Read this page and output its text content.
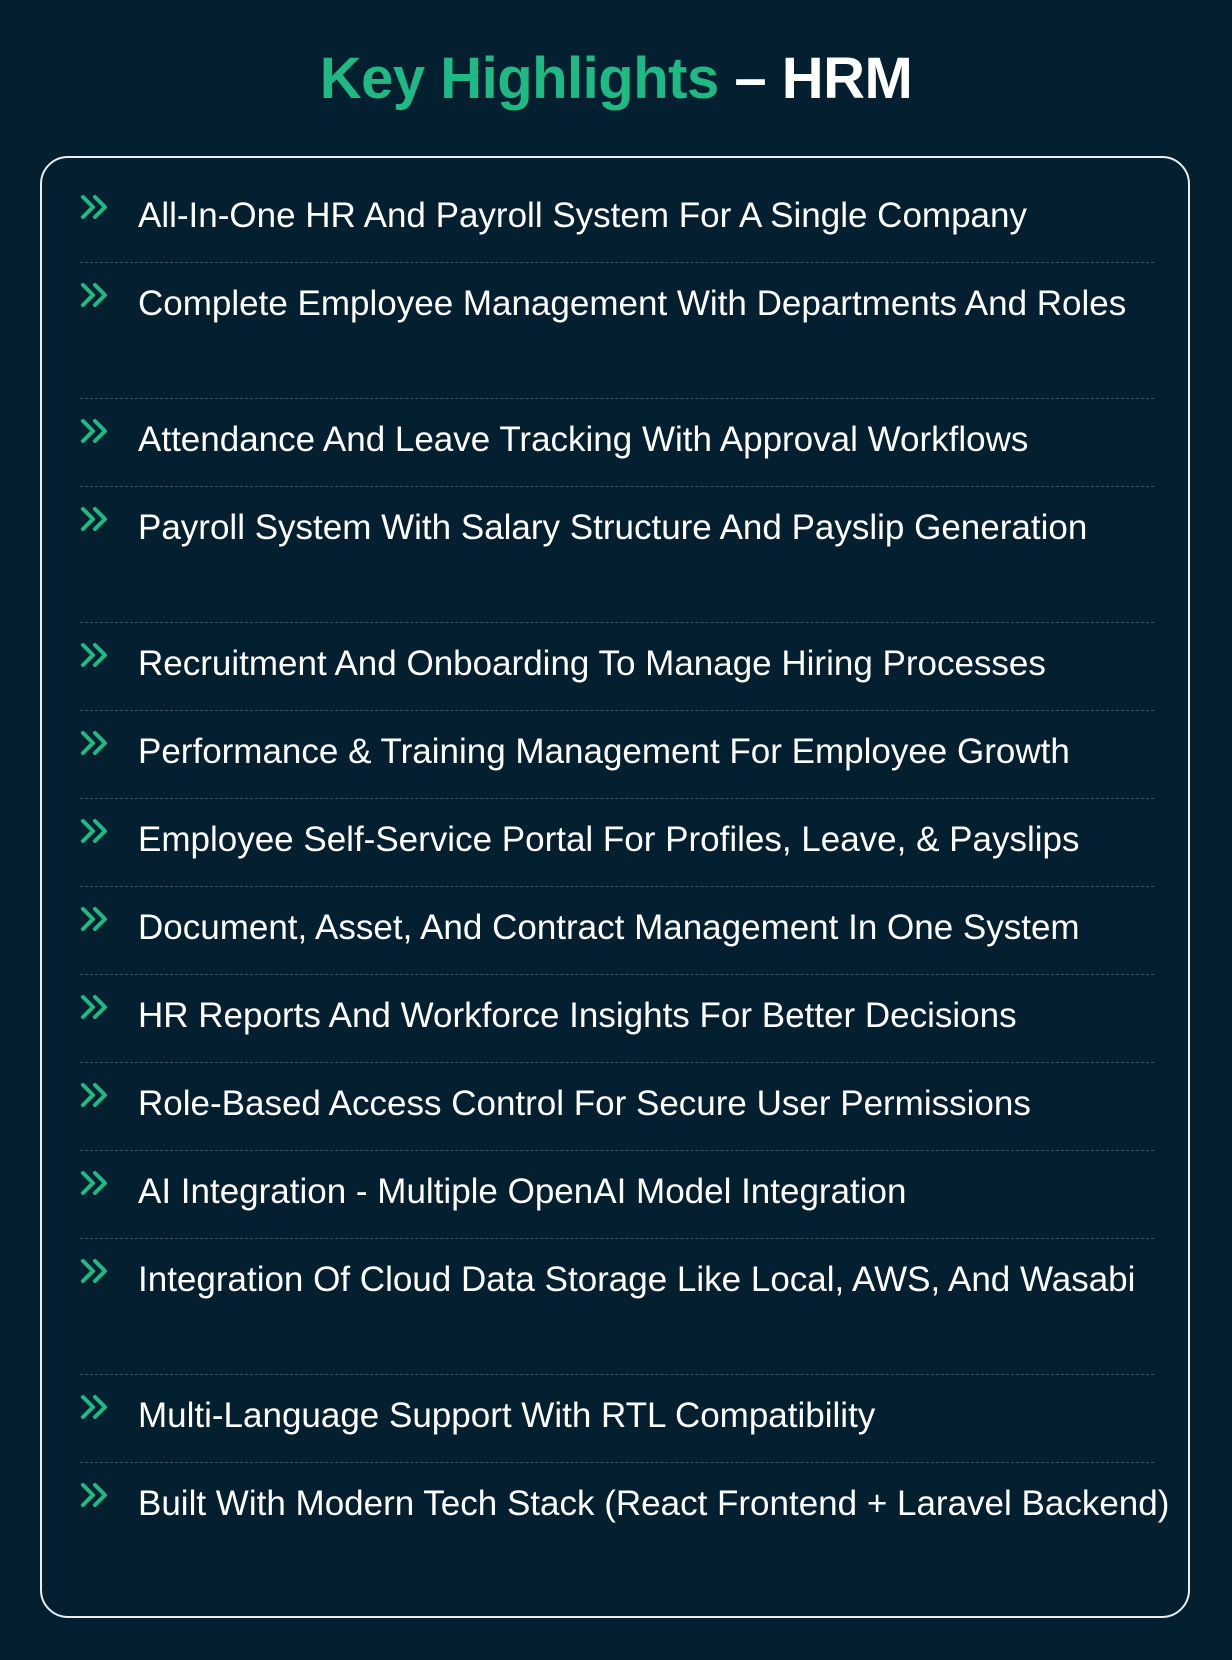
Key Highlights – HRM
All-In-One HR And Payroll System For A Single Company
Complete Employee Management With Departments And Roles
Attendance And Leave Tracking With Approval Workflows
Payroll System With Salary Structure And Payslip Generation
Recruitment And Onboarding To Manage Hiring Processes
Performance & Training Management For Employee Growth
Employee Self-Service Portal For Profiles, Leave, & Payslips
Document, Asset, And Contract Management In One System
HR Reports And Workforce Insights For Better Decisions
Role-Based Access Control For Secure User Permissions
AI Integration - Multiple OpenAI Model Integration
Integration Of Cloud Data Storage Like Local, AWS, And Wasabi
Multi-Language Support With RTL Compatibility
Built With Modern Tech Stack (React Frontend + Laravel Backend)
